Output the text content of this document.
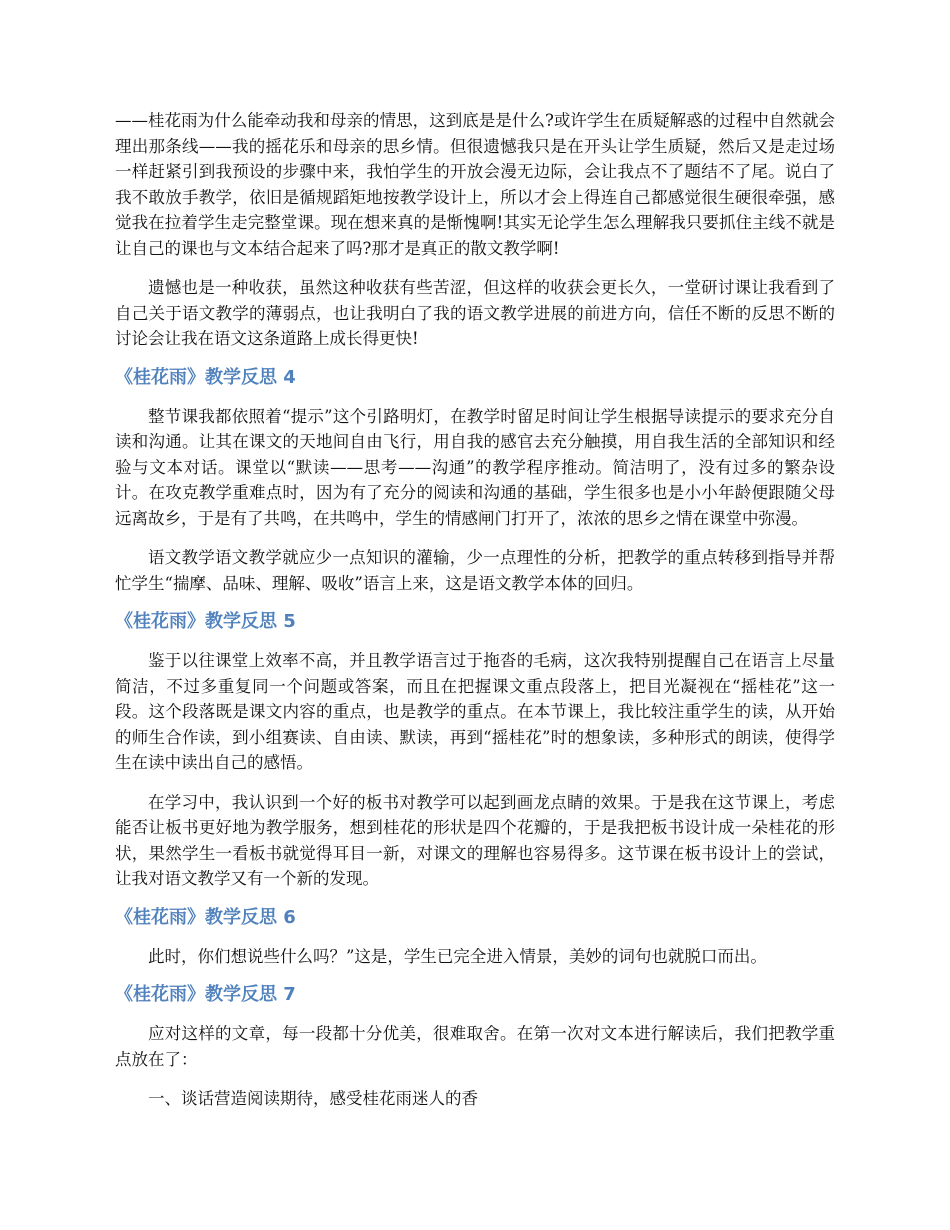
——桂花雨为什么能牵动我和母亲的情思，这到底是是什么?或许学生在质疑解惑的过程中自然就会理出那条线——我的摇花乐和母亲的思乡情。但很遗憾我只是在开头让学生质疑，然后又是走过场一样赶紧引到我预设的步骤中来，我怕学生的开放会漫无边际，会让我点不了题结不了尾。说白了我不敢放手教学，依旧是循规蹈矩地按教学设计上，所以才会上得连自己都感觉很生硬很牵强，感觉我在拉着学生走完整堂课。现在想来真的是惭愧啊!其实无论学生怎么理解我只要抓住主线不就是让自己的课也与文本结合起来了吗?那才是真正的散文教学啊!

遗憾也是一种收获，虽然这种收获有些苦涩，但这样的收获会更长久，一堂研讨课让我看到了自己关于语文教学的薄弱点，也让我明白了我的语文教学进展的前进方向，信任不断的反思不断的讨论会让我在语文这条道路上成长得更快!

《桂花雨》教学反思 4

整节课我都依照着“提示”这个引路明灯，在教学时留足时间让学生根据导读提示的要求充分自读和沟通。让其在课文的天地间自由飞行，用自我的感官去充分触摸，用自我生活的全部知识和经验与文本对话。课堂以“默读——思考——沟通”的教学程序推动。简洁明了，没有过多的繁杂设计。在攻克教学重难点时，因为有了充分的阅读和沟通的基础，学生很多也是小小年龄便跟随父母远离故乡，于是有了共鸣，在共鸣中，学生的情感闸门打开了，浓浓的思乡之情在课堂中弥漫。

语文教学语文教学就应少一点知识的灌输，少一点理性的分析，把教学的重点转移到指导并帮忙学生“揣摩、品味、理解、吸收”语言上来，这是语文教学本体的回归。

《桂花雨》教学反思 5

鉴于以往课堂上效率不高，并且教学语言过于拖沓的毛病，这次我特别提醒自己在语言上尽量简洁，不过多重复同一个问题或答案，而且在把握课文重点段落上，把目光凝视在“摇桂花”这一段。这个段落既是课文内容的重点，也是教学的重点。在本节课上，我比较注重学生的读，从开始的师生合作读，到小组赛读、自由读、默读，再到“摇桂花”时的想象读，多种形式的朗读，使得学生在读中读出自己的感悟。

在学习中，我认识到一个好的板书对教学可以起到画龙点睛的效果。于是我在这节课上，考虑能否让板书更好地为教学服务，想到桂花的形状是四个花瓣的，于是我把板书设计成一朵桂花的形状，果然学生一看板书就觉得耳目一新，对课文的理解也容易得多。这节课在板书设计上的尝试，让我对语文教学又有一个新的发现。

《桂花雨》教学反思 6

此时，你们想说些什么吗？”这是，学生已完全进入情景，美妙的词句也就脱口而出。

《桂花雨》教学反思 7

应对这样的文章，每一段都十分优美，很难取舍。在第一次对文本进行解读后，我们把教学重点放在了：

一、谈话营造阅读期待，感受桂花雨迷人的香
